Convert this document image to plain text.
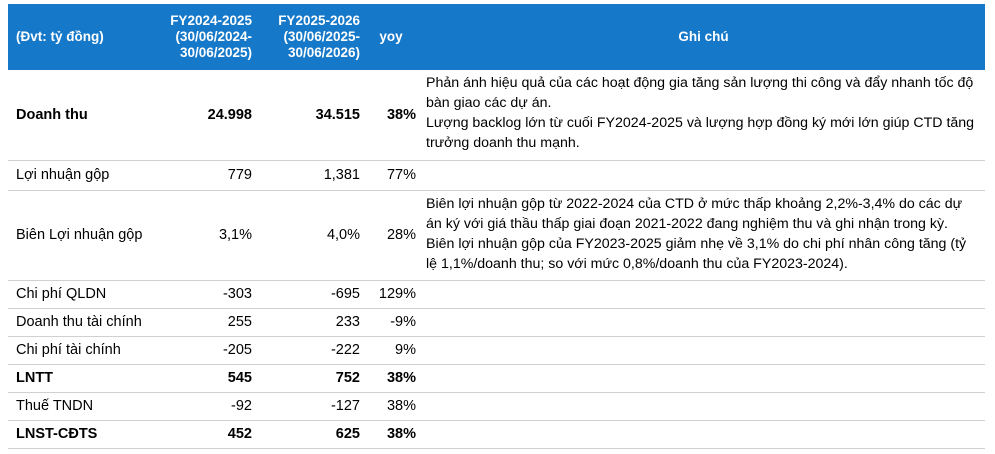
(Đvt: tỷ đồng)	FY2024-2025
(30/06/2024-
30/06/2025)	FY2025-2026
(30/06/2025-
30/06/2026)	yoy	Ghi chú
Doanh thu	24.998	34.515	38%	Phản ánh hiệu quả của các hoạt động gia tăng sản lượng thi công và đẩy nhanh tốc độ bàn giao các dự án.

Lượng backlog lớn từ cuối FY2024-2025 và lượng hợp đồng ký mới lớn giúp CTD tăng trưởng doanh thu mạnh.

Lợi nhuận gộp	779	1,381	77%	
Biên Lợi nhuận gộp	3,1%	4,0%	28%	Biên lợi nhuận gộp từ 2022-2024 của CTD ở mức thấp khoảng 2,2%-3,4% do các dự án ký với giá thầu thấp giai đoạn 2021-2022 đang nghiệm thu và ghi nhận trong kỳ.

Biên lợi nhuận gộp của FY2023-2025 giảm nhẹ về 3,1% do chi phí nhân công tăng (tỷ lệ 1,1%/doanh thu; so với mức 0,8%/doanh thu của FY2023-2024).

Chi phí QLDN	-303	-695	129%	
Doanh thu tài chính	255	233	-9%	
Chi phí tài chính	-205	-222	9%	
LNTT	545	752	38%	
Thuế TNDN	-92	-127	38%	
LNST-CĐTS	452	625	38%	
